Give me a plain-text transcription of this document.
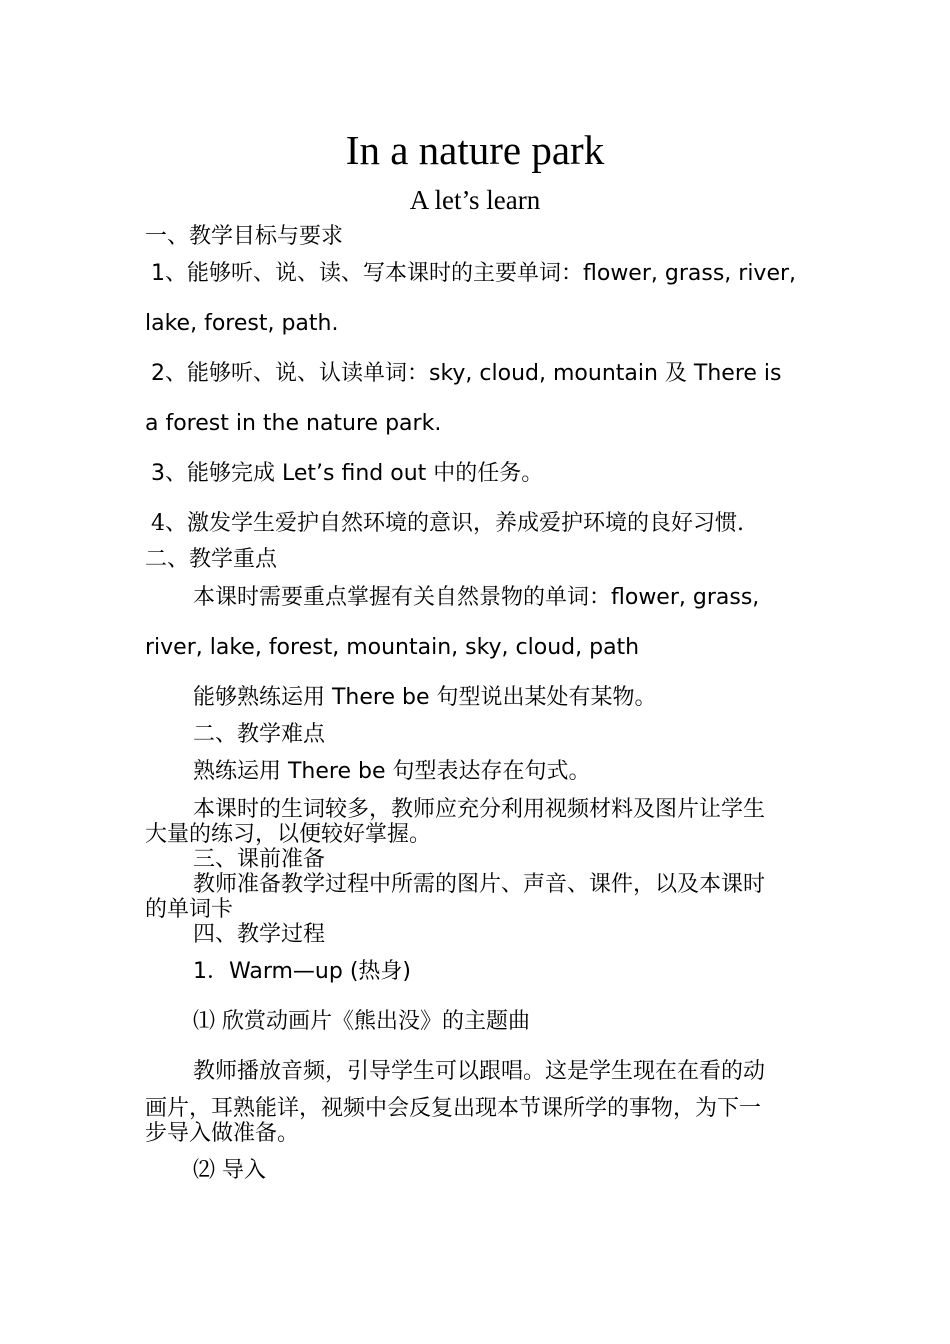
In a nature park
A let’s learn
一、教学目标与要求
1、能够听、说、读、写本课时的主要单词：flower, grass, river,
lake, forest, path.
2、能够听、说、认读单词：sky, cloud, mountain 及 There is
a forest in the nature park.
3、能够完成 Let’s find out 中的任务。
4、激发学生爱护自然环境的意识，养成爱护环境的良好习惯.
二、教学重点
本课时需要重点掌握有关自然景物的单词：flower, grass,
river, lake, forest, mountain, sky, cloud, path
能够熟练运用 There be 句型说出某处有某物。
二、教学难点
熟练运用 There be 句型表达存在句式。
本课时的生词较多，教师应充分利用视频材料及图片让学生
大量的练习，以便较好掌握。
三、课前准备
教师准备教学过程中所需的图片、声音、课件，以及本课时
的单词卡
四、教学过程
1．Warm—up (热身)
⑴ 欣赏动画片《熊出没》的主题曲
教师播放音频，引导学生可以跟唱。这是学生现在在看的动
画片，耳熟能详，视频中会反复出现本节课所学的事物，为下一
步导入做准备。
⑵ 导入
